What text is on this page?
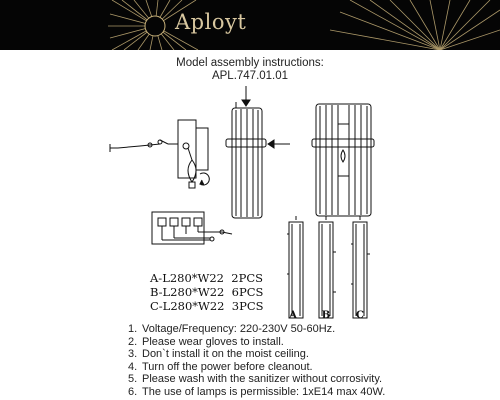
Aployt
Model assembly instructions:
APL.747.01.01
A B	C
A-L280*W22 2PCS
B-L280*W22 6PCS
C-L280*W22 3PCS
1. Voltage/Frequency: 220-230V 50-60Hz.
2. Please wear gloves to install.
3. Don`t install it on the moist ceiling.
4. Turn off the power before cleanout.
5. Please wash with the sanitizer without corrosivity.
6. The use of lamps is permissible: 1xE14 max 40W.
